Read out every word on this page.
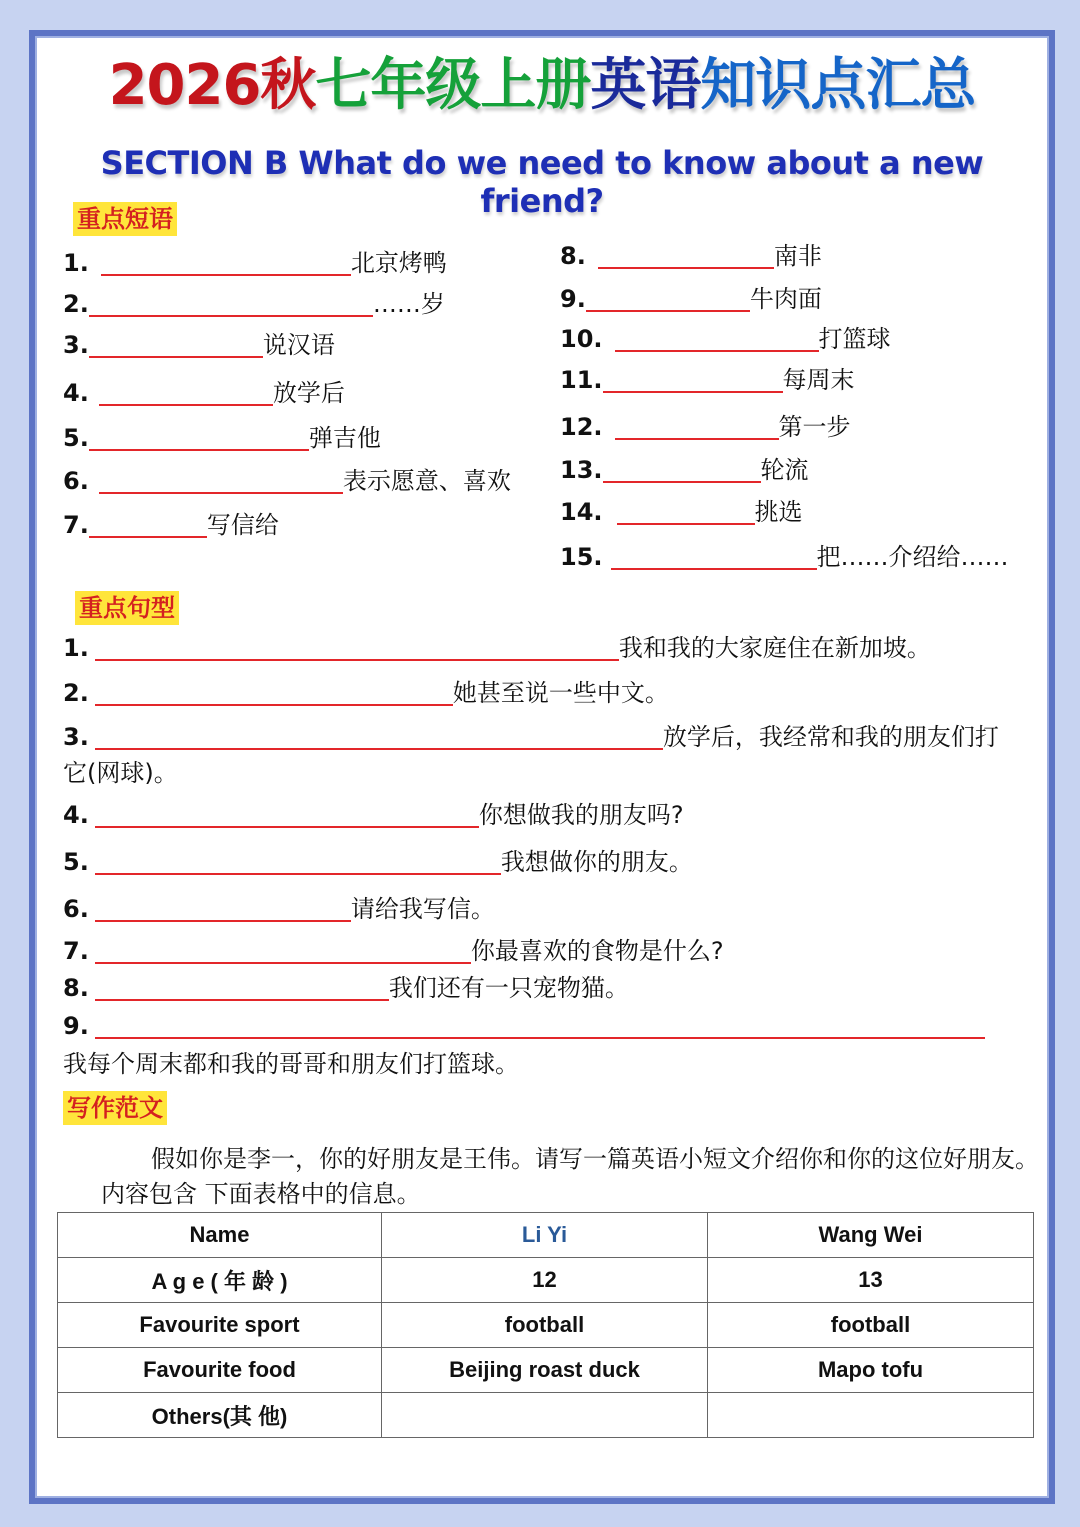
2026秋七年级上册英语知识点汇总
SECTION B What do we need to know about a new friend?
重点短语
1.	北京烤鸭
2.	……岁
3.	说汉语
4.	放学后
5.	弹吉他
6.	表示愿意、喜欢
7.	写信给
8.	南非
9.	牛肉面
10.	打篮球
11.	每周末
12.	第一步
13.	轮流
14.	挑选
15.	把……介绍给……
重点句型
1.	我和我的大家庭住在新加坡。
2.	她甚至说一些中文。
3.	放学后，我经常和我的朋友们打
它(网球)。
4.	你想做我的朋友吗?
5.	我想做你的朋友。
6.	请给我写信。
7.	你最喜欢的食物是什么?
8.	我们还有一只宠物猫。
9.
我每个周末都和我的哥哥和朋友们打篮球。
写作范文
假如你是李一，你的好朋友是王伟。请写一篇英语小短文介绍你和你的这位好朋友。
内容包含 下面表格中的信息。
Name	Li Yi	Wang Wei
A g e ( 年 龄 )	12	13
Favourite sport	football	football
Favourite food	Beijing roast duck	Mapo tofu
Others(其 他)		
